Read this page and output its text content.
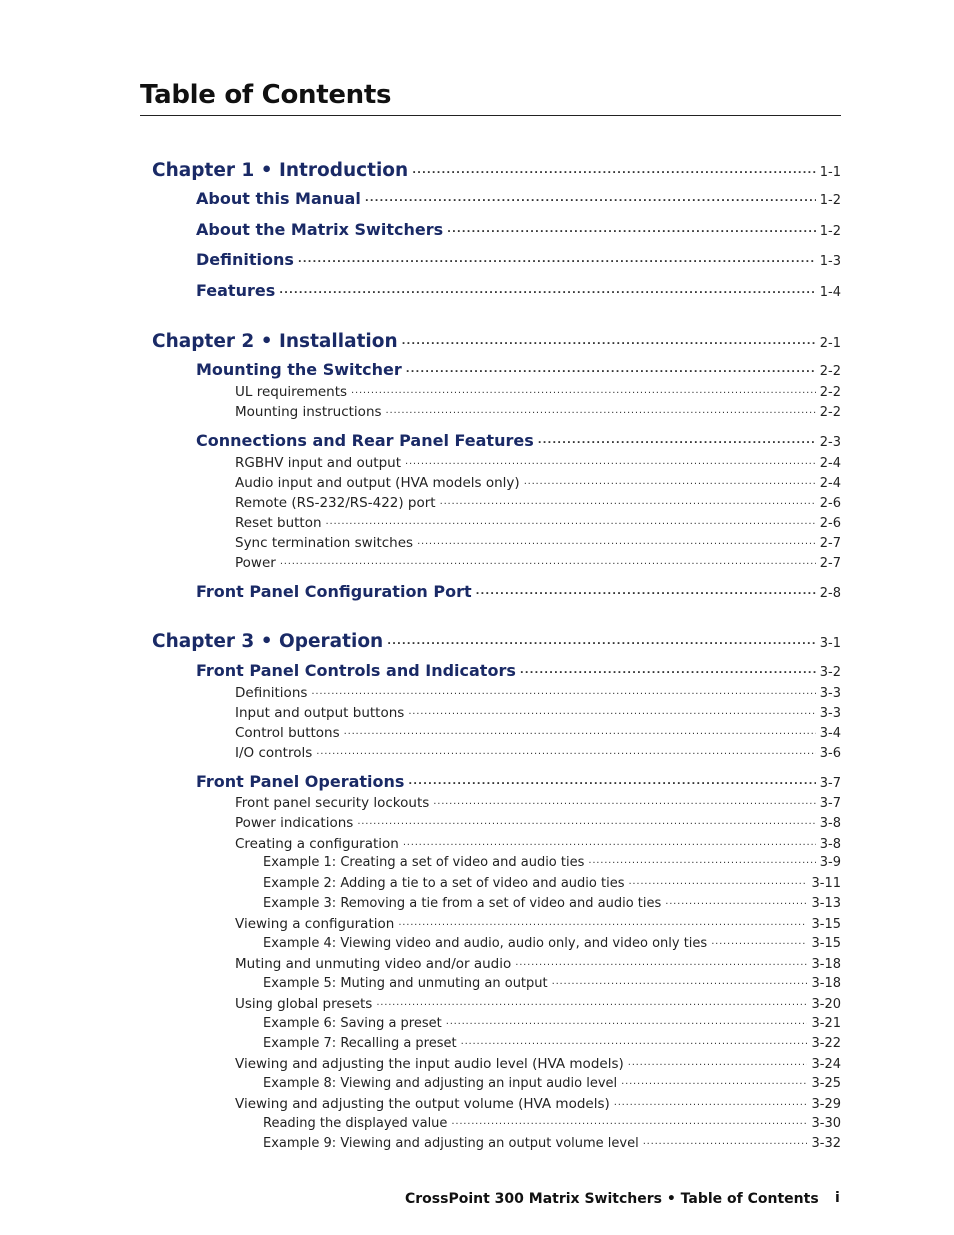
Table of Contents
Chapter 1 • Introduction . . .	1-1
About this Manual . . .	1-2
About the Matrix Switchers . . .	1-2
Definitions . . .	1-3
Features . . .	1-4
Chapter 2 • Installation . . .	2-1
Mounting the Switcher . . .	2-2
UL requirements . . .	2-2
Mounting instructions . . .	2-2
Connections and Rear Panel Features . . .	2-3
RGBHV input and output . . .	2-4
Audio input and output (HVA models only) . . .	2-4
Remote (RS-232/RS-422) port . . .	2-6
Reset button . . .	2-6
Sync termination switches . . .	2-7
Power . . .	2-7
Front Panel Configuration Port . . .	2-8
Chapter 3 • Operation . . .	3-1
Front Panel Controls and Indicators . . .	3-2
Definitions . . .	3-3
Input and output buttons . . .	3-3
Control buttons . . .	3-4
I/O controls . . .	3-6
Front Panel Operations . . .	3-7
Front panel security lockouts . . .	3-7
Power indications . . .	3-8
Creating a configuration . . .	3-8
Example 1: Creating a set of video and audio ties . . .	3-9
Example 2: Adding a tie to a set of video and audio ties . . .	3-11
Example 3: Removing a tie from a set of video and audio ties . . .	3-13
Viewing a configuration . . .	3-15
Example 4: Viewing video and audio, audio only, and video only ties . . .	3-15
Muting and unmuting video and/or audio . . .	3-18
Example 5: Muting and unmuting an output . . .	3-18
Using global presets . . .	3-20
Example 6: Saving a preset . . .	3-21
Example 7: Recalling a preset . . .	3-22
Viewing and adjusting the input audio level (HVA models) . . .	3-24
Example 8: Viewing and adjusting an input audio level . . .	3-25
Viewing and adjusting the output volume (HVA models) . . .	3-29
Reading the displayed value . . .	3-30
Example 9: Viewing and adjusting an output volume level . . .	3-32
CrossPoint 300 Matrix Switchers • Table of Contents i
